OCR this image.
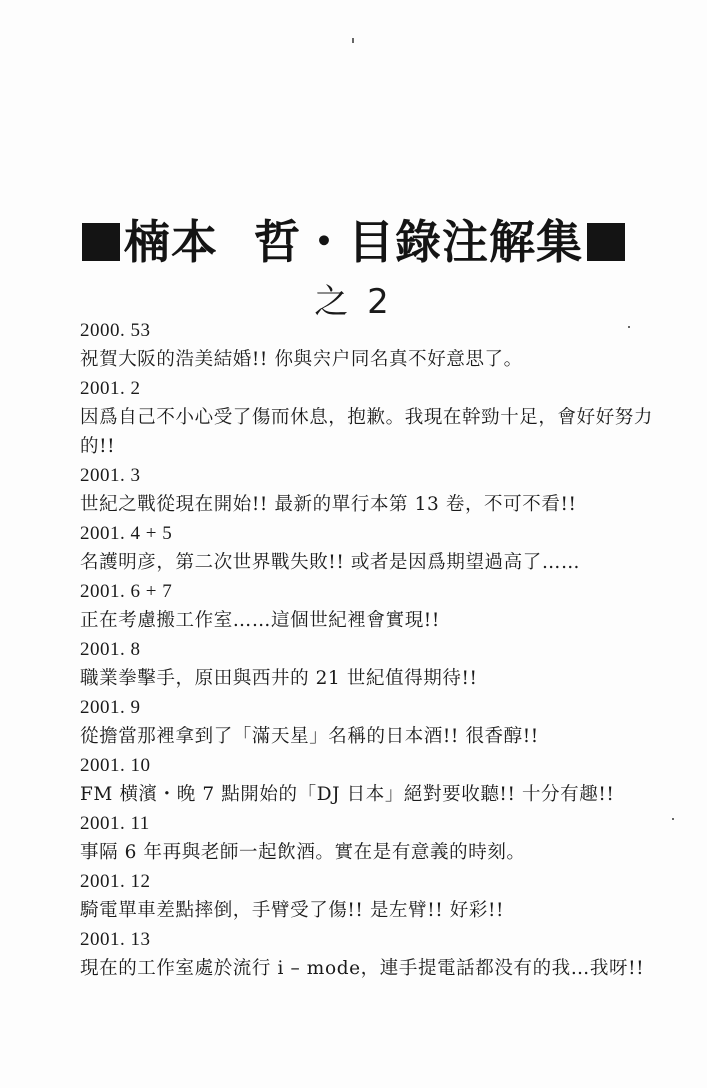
楠本 哲 ・目錄注解集
之 2
2000. 53
祝賀大阪的浩美結婚!! 你與宍户同名真不好意思了。
2001. 2
因爲自己不小心受了傷而休息，抱歉。我現在幹勁十足，會好好努力的!!
2001. 3
世紀之戰從現在開始!! 最新的單行本第 13 卷，不可不看!!
2001. 4 + 5
名護明彦，第二次世界戰失敗!! 或者是因爲期望過高了……
2001. 6 + 7
正在考慮搬工作室……這個世紀裡會實現!!
2001. 8
職業拳擊手，原田與西井的 21 世紀值得期待!!
2001. 9
從擔當那裡拿到了「滿天星」名稱的日本酒!! 很香醇!!
2001. 10
FM 横濱・晚 7 點開始的「DJ 日本」絕對要收聽!! 十分有趣!!
2001. 11
事隔 6 年再與老師一起飲酒。實在是有意義的時刻。
2001. 12
騎電單車差點摔倒，手臂受了傷!! 是左臂!! 好彩!!
2001. 13
現在的工作室處於流行 i – mode，連手提電話都没有的我…我呀!!
